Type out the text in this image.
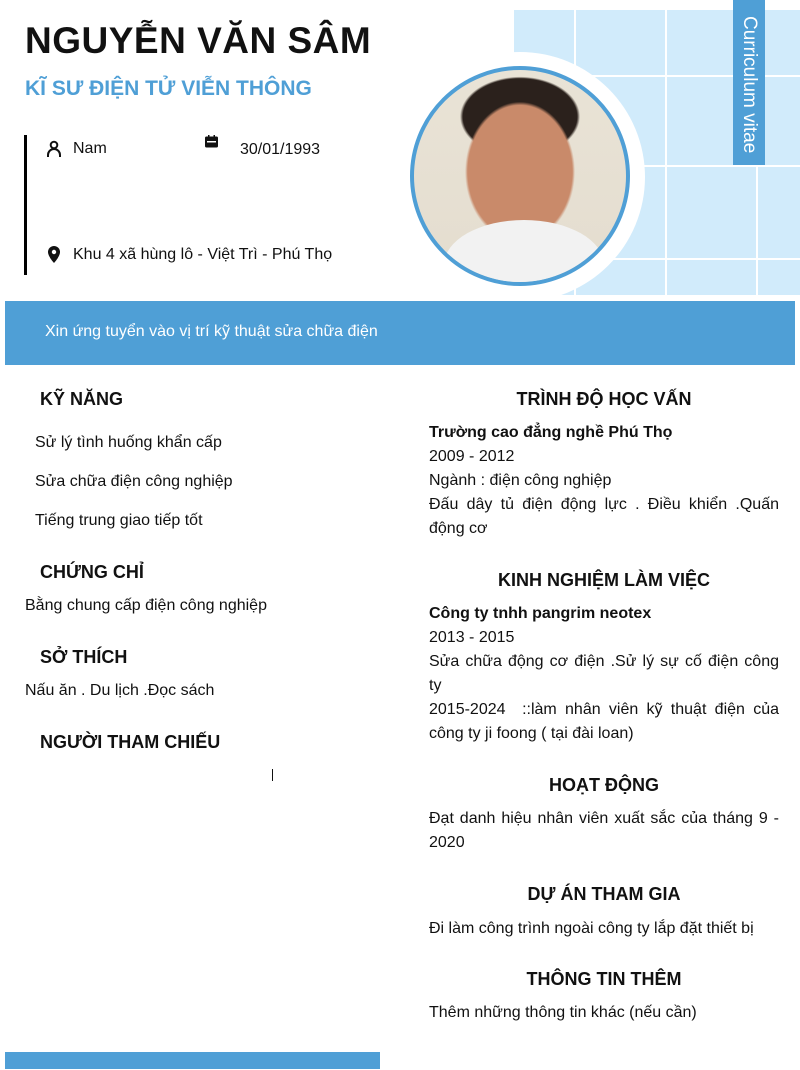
Curriculum vitae
NGUYỄN VĂN SÂM
KĨ SƯ ĐIỆN TỬ VIỄN THÔNG
Nam	30/01/1993
Khu 4 xã hùng lô - Việt Trì - Phú Thọ
Xin ứng tuyển vào vị trí kỹ thuật sửa chữa điện
KỸ NĂNG
Sử lý tình huống khẩn cấp
Sửa chữa điện công nghiệp
Tiếng trung giao tiếp tốt
CHỨNG CHỈ
Bằng chung cấp điện công nghiệp
SỞ THÍCH
Nấu ăn . Du lịch .Đọc sách
NGƯỜI THAM CHIẾU
TRÌNH ĐỘ HỌC VẤN
Trường cao đẳng nghề Phú Thọ
2009 - 2012
Ngành : điện công nghiệp
Đấu dây tủ điện động lực . Điều khiển .Quấn động cơ
KINH NGHIỆM LÀM VIỆC
Công ty tnhh pangrim neotex
2013 - 2015
Sửa chữa động cơ điện .Sử lý sự cố điện công ty
2015-2024  ::làm nhân viên kỹ thuật điện của công ty ji foong ( tại đài loan)
HOẠT ĐỘNG
Đạt danh hiệu nhân viên xuất sắc của tháng 9 - 2020
DỰ ÁN THAM GIA
Đi làm công trình ngoài công ty lắp đặt thiết bị
THÔNG TIN THÊM
Thêm những thông tin khác (nếu cần)
